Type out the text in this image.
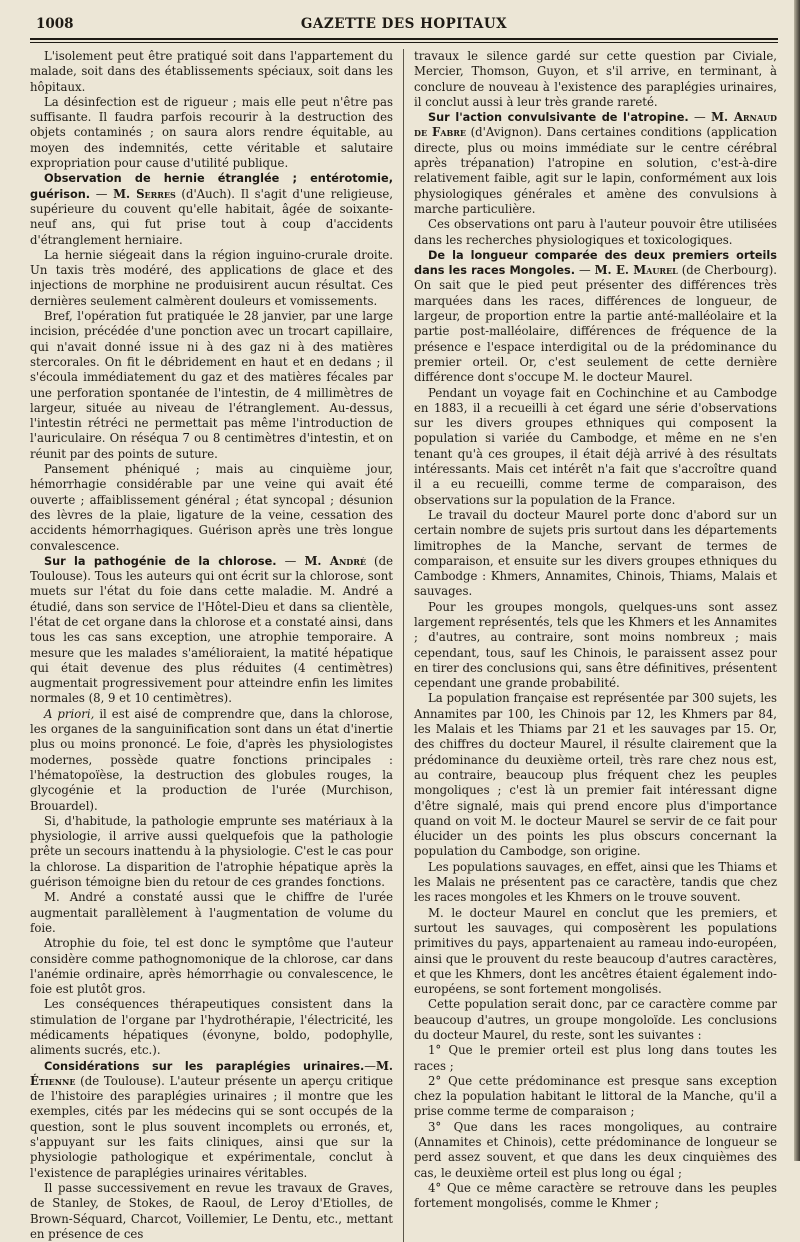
1008	GAZETTE DES HOPITAUX

L'isolement peut être pratiqué soit dans l'appartement du malade, soit dans des établissements spéciaux, soit dans les hôpitaux.

La désinfection est de rigueur ; mais elle peut n'être pas suffisante. Il faudra parfois recourir à la destruction des objets contaminés ; on saura alors rendre équitable, au moyen des indemnités, cette véritable et salutaire expropriation pour cause d'utilité publique.

Observation de hernie étranglée ; entérotomie, guérison. — M. Serres (d'Auch). Il s'agit d'une religieuse, supérieure du couvent qu'elle habitait, âgée de soixante-neuf ans, qui fut prise tout à coup d'accidents d'étranglement herniaire.

La hernie siégeait dans la région inguino-crurale droite. Un taxis très modéré, des applications de glace et des injections de morphine ne produisirent aucun résultat. Ces dernières seulement calmèrent douleurs et vomissements.

Bref, l'opération fut pratiquée le 28 janvier, par une large incision, précédée d'une ponction avec un trocart capillaire, qui n'avait donné issue ni à des gaz ni à des matières stercorales. On fit le débridement en haut et en dedans ; il s'écoula immédiatement du gaz et des matières fécales par une perforation spontanée de l'intestin, de 4 millimètres de largeur, située au niveau de l'étranglement. Au-dessus, l'intestin rétréci ne permettait pas même l'introduction de l'auriculaire. On réséqua 7 ou 8 centimètres d'intestin, et on réunit par des points de suture.

Pansement phéniqué ; mais au cinquième jour, hémorrhagie considérable par une veine qui avait été ouverte ; affaiblissement général ; état syncopal ; désunion des lèvres de la plaie, ligature de la veine, cessation des accidents hémorrhagiques. Guérison après une très longue convalescence.

Sur la pathogénie de la chlorose. — M. André (de Toulouse). Tous les auteurs qui ont écrit sur la chlorose, sont muets sur l'état du foie dans cette maladie. M. André a étudié, dans son service de l'Hôtel-Dieu et dans sa clientèle, l'état de cet organe dans la chlorose et a constaté ainsi, dans tous les cas sans exception, une atrophie temporaire. A mesure que les malades s'amélioraient, la matité hépatique qui était devenue des plus réduites (4 centimètres) augmentait progressivement pour atteindre enfin les limites normales (8, 9 et 10 centimètres).

A priori, il est aisé de comprendre que, dans la chlorose, les organes de la sanguinification sont dans un état d'inertie plus ou moins prononcé. Le foie, d'après les physiologistes modernes, possède quatre fonctions principales : l'hématopoïèse, la destruction des globules rouges, la glycogénie et la production de l'urée (Murchison, Brouardel).

Si, d'habitude, la pathologie emprunte ses matériaux à la physiologie, il arrive aussi quelquefois que la pathologie prête un secours inattendu à la physiologie. C'est le cas pour la chlorose. La disparition de l'atrophie hépatique après la guérison témoigne bien du retour de ces grandes fonctions.

M. André a constaté aussi que le chiffre de l'urée augmentait parallèlement à l'augmentation de volume du foie.

Atrophie du foie, tel est donc le symptôme que l'auteur considère comme pathognomonique de la chlorose, car dans l'anémie ordinaire, après hémorrhagie ou convalescence, le foie est plutôt gros.

Les conséquences thérapeutiques consistent dans la stimulation de l'organe par l'hydrothérapie, l'électricité, les médicaments hépatiques (évonyne, boldo, podophylle, aliments sucrés, etc.).

Considérations sur les paraplégies urinaires.—M. Étienne (de Toulouse). L'auteur présente un aperçu critique de l'histoire des paraplégies urinaires ; il montre que les exemples, cités par les médecins qui se sont occupés de la question, sont le plus souvent incomplets ou erronés, et, s'appuyant sur les faits cliniques, ainsi que sur la physiologie pathologique et expérimentale, conclut à l'existence de paraplégies urinaires véritables.

Il passe successivement en revue les travaux de Graves, de Stanley, de Stokes, de Raoul, de Leroy d'Etiolles, de Brown-Séquard, Charcot, Voillemier, Le Dentu, etc., mettant en présence de ces

travaux le silence gardé sur cette question par Civiale, Mercier, Thomson, Guyon, et s'il arrive, en terminant, à conclure de nouveau à l'existence des paraplégies urinaires, il conclut aussi à leur très grande rareté.

Sur l'action convulsivante de l'atropine. — M. Arnaud de Fabre (d'Avignon). Dans certaines conditions (application directe, plus ou moins immédiate sur le centre cérébral après trépanation) l'atropine en solution, c'est-à-dire relativement faible, agit sur le lapin, conformément aux lois physiologiques générales et amène des convulsions à marche particulière.

Ces observations ont paru à l'auteur pouvoir être utilisées dans les recherches physiologiques et toxicologiques.

De la longueur comparée des deux premiers orteils dans les races Mongoles. — M. E. Maurel (de Cherbourg). On sait que le pied peut présenter des différences très marquées dans les races, différences de longueur, de largeur, de proportion entre la partie anté-malléolaire et la partie post-malléolaire, différences de fréquence de la présence e l'espace interdigital ou de la prédominance du premier orteil. Or, c'est seulement de cette dernière différence dont s'occupe M. le docteur Maurel.

Pendant un voyage fait en Cochinchine et au Cambodge en 1883, il a recueilli à cet égard une série d'observations sur les divers groupes ethniques qui composent la population si variée du Cambodge, et même en ne s'en tenant qu'à ces groupes, il était déjà arrivé à des résultats intéressants. Mais cet intérêt n'a fait que s'accroître quand il a eu recueilli, comme terme de comparaison, des observations sur la population de la France.

Le travail du docteur Maurel porte donc d'abord sur un certain nombre de sujets pris surtout dans les départements limitrophes de la Manche, servant de termes de comparaison, et ensuite sur les divers groupes ethniques du Cambodge : Khmers, Annamites, Chinois, Thiams, Malais et sauvages.

Pour les groupes mongols, quelques-uns sont assez largement représentés, tels que les Khmers et les Annamites ; d'autres, au contraire, sont moins nombreux ; mais cependant, tous, sauf les Chinois, le paraissent assez pour en tirer des conclusions qui, sans être définitives, présentent cependant une grande probabilité.

La population française est représentée par 300 sujets, les Annamites par 100, les Chinois par 12, les Khmers par 84, les Malais et les Thiams par 21 et les sauvages par 15. Or, des chiffres du docteur Maurel, il résulte clairement que la prédominance du deuxième orteil, très rare chez nous est, au contraire, beaucoup plus fréquent chez les peuples mongoliques ; c'est là un premier fait intéressant digne d'être signalé, mais qui prend encore plus d'importance quand on voit M. le docteur Maurel se servir de ce fait pour élucider un des points les plus obscurs concernant la population du Cambodge, son origine.

Les populations sauvages, en effet, ainsi que les Thiams et les Malais ne présentent pas ce caractère, tandis que chez les races mongoles et les Khmers on le trouve souvent.

M. le docteur Maurel en conclut que les premiers, et surtout les sauvages, qui composèrent les populations primitives du pays, appartenaient au rameau indo-européen, ainsi que le prouvent du reste beaucoup d'autres caractères, et que les Khmers, dont les ancêtres étaient également indo-européens, se sont fortement mongolisés.

Cette population serait donc, par ce caractère comme par beaucoup d'autres, un groupe mongoloïde. Les conclusions du docteur Maurel, du reste, sont les suivantes :

1° Que le premier orteil est plus long dans toutes les races ;

2° Que cette prédominance est presque sans exception chez la population habitant le littoral de la Manche, qu'il a prise comme terme de comparaison ;

3° Que dans les races mongoliques, au contraire (Annamites et Chinois), cette prédominance de longueur se perd assez souvent, et que dans les deux cinquièmes des cas, le deuxième orteil est plus long ou égal ;

4° Que ce même caractère se retrouve dans les peuples fortement mongolisés, comme le Khmer ;
